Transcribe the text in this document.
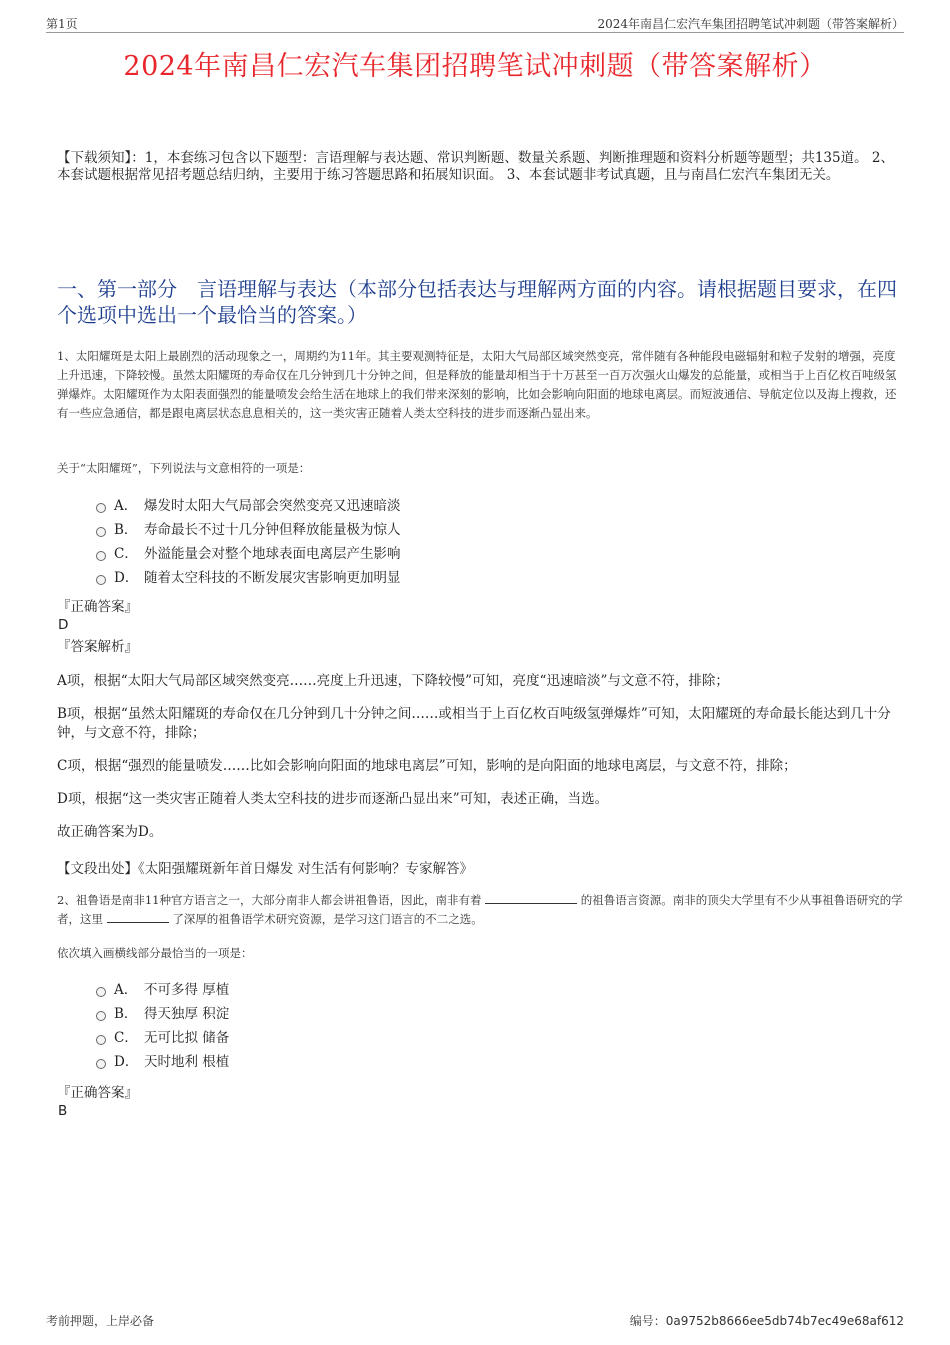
第1页	2024年南昌仁宏汽车集团招聘笔试冲刺题（带答案解析）
2024年南昌仁宏汽车集团招聘笔试冲刺题（带答案解析）
【下载须知】：1，本套练习包含以下题型：言语理解与表达题、常识判断题、数量关系题、判断推理题和资料分析题等题型；共135道。 2、本套试题根据常见招考题总结归纳，主要用于练习答题思路和拓展知识面。 3、本套试题非考试真题，且与南昌仁宏汽车集团无关。
一、第一部分　言语理解与表达（本部分包括表达与理解两方面的内容。请根据题目要求，在四个选项中选出一个最恰当的答案。）
1、太阳耀斑是太阳上最剧烈的活动现象之一，周期约为11年。其主要观测特征是，太阳大气局部区域突然变亮，常伴随有各种能段电磁辐射和粒子发射的增强，亮度上升迅速，下降较慢。虽然太阳耀斑的寿命仅在几分钟到几十分钟之间，但是释放的能量却相当于十万甚至一百万次强火山爆发的总能量，或相当于上百亿枚百吨级氢弹爆炸。太阳耀斑作为太阳表面强烈的能量喷发会给生活在地球上的我们带来深刻的影响，比如会影响向阳面的地球电离层。而短波通信、导航定位以及海上搜救，还有一些应急通信，都是跟电离层状态息息相关的，这一类灾害正随着人类太空科技的进步而逐渐凸显出来。
关于“太阳耀斑”，下列说法与文意相符的一项是：
A． 爆发时太阳大气局部会突然变亮又迅速暗淡
B． 寿命最长不过十几分钟但释放能量极为惊人
C． 外溢能量会对整个地球表面电离层产生影响
D． 随着太空科技的不断发展灾害影响更加明显
『正确答案』
D
『答案解析』
A项，根据“太阳大气局部区域突然变亮……亮度上升迅速，下降较慢”可知，亮度“迅速暗淡”与文意不符，排除；
B项，根据“虽然太阳耀斑的寿命仅在几分钟到几十分钟之间……或相当于上百亿枚百吨级氢弹爆炸”可知，太阳耀斑的寿命最长能达到几十分钟，与文意不符，排除；
C项，根据“强烈的能量喷发……比如会影响向阳面的地球电离层”可知，影响的是向阳面的地球电离层，与文意不符，排除；
D项，根据“这一类灾害正随着人类太空科技的进步而逐渐凸显出来”可知，表述正确，当选。
故正确答案为D。
【文段出处】《太阳强耀斑新年首日爆发 对生活有何影响？专家解答》
2、祖鲁语是南非11种官方语言之一，大部分南非人都会讲祖鲁语，因此，南非有着	的祖鲁语言资源。南非的顶尖大学里有不少从事祖鲁语研究的学者，这里	了深厚的祖鲁语学术研究资源，是学习这门语言的不二之选。
依次填入画横线部分最恰当的一项是：
A． 不可多得 厚植
B． 得天独厚 积淀
C． 无可比拟 储备
D． 天时地利 根植
『正确答案』
B
考前押题，上岸必备	编号：0a9752b8666ee5db74b7ec49e68af612
